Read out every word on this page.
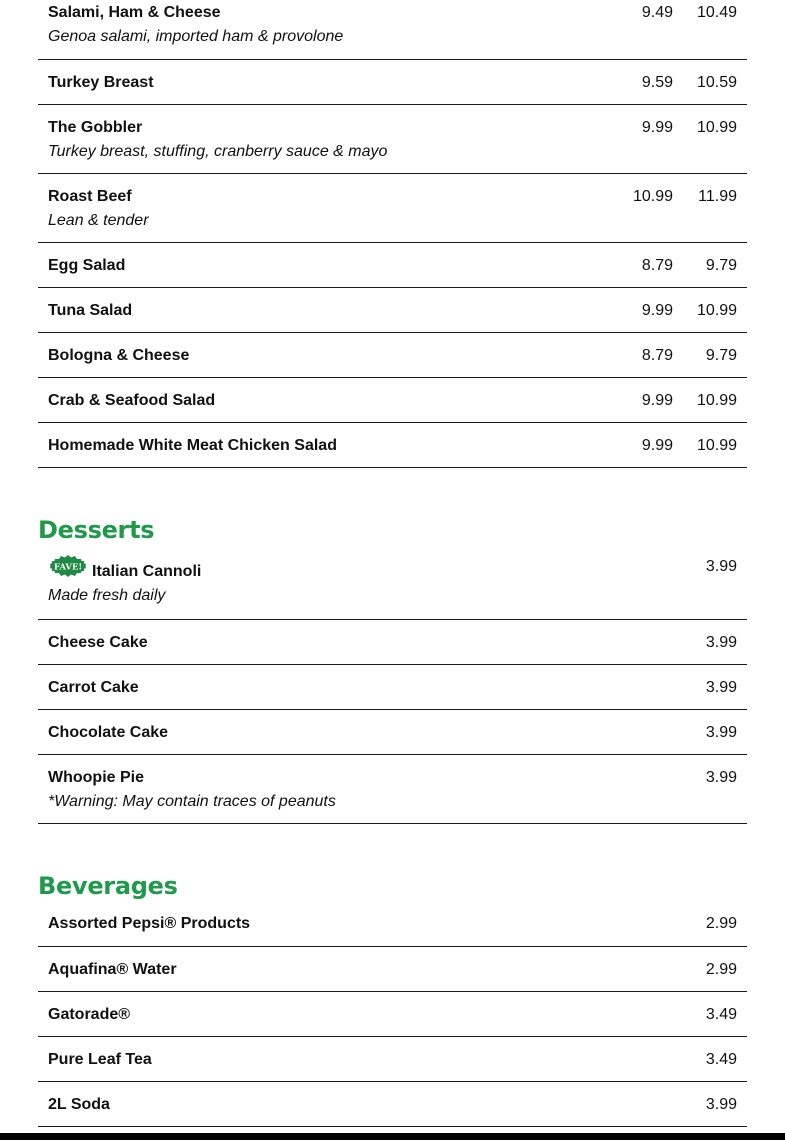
Salami, Ham & Cheese
Genoa salami, imported ham & provolone
9.49	10.49
Turkey Breast	9.59	10.59
The Gobbler
Turkey breast, stuffing, cranberry sauce & mayo
9.99	10.99
Roast Beef
Lean & tender
10.99	11.99
Egg Salad	8.79	9.79
Tuna Salad	9.99	10.99
Bologna & Cheese	8.79	9.79
Crab & Seafood Salad	9.99	10.99
Homemade White Meat Chicken Salad	9.99	10.99
Desserts
FAVE! Italian Cannoli
Made fresh daily
3.99
Cheese Cake	3.99
Carrot Cake	3.99
Chocolate Cake	3.99
Whoopie Pie
*Warning: May contain traces of peanuts
3.99
Beverages
Assorted Pepsi® Products	2.99
Aquafina® Water	2.99
Gatorade®	3.49
Pure Leaf Tea	3.49
2L Soda	3.99
